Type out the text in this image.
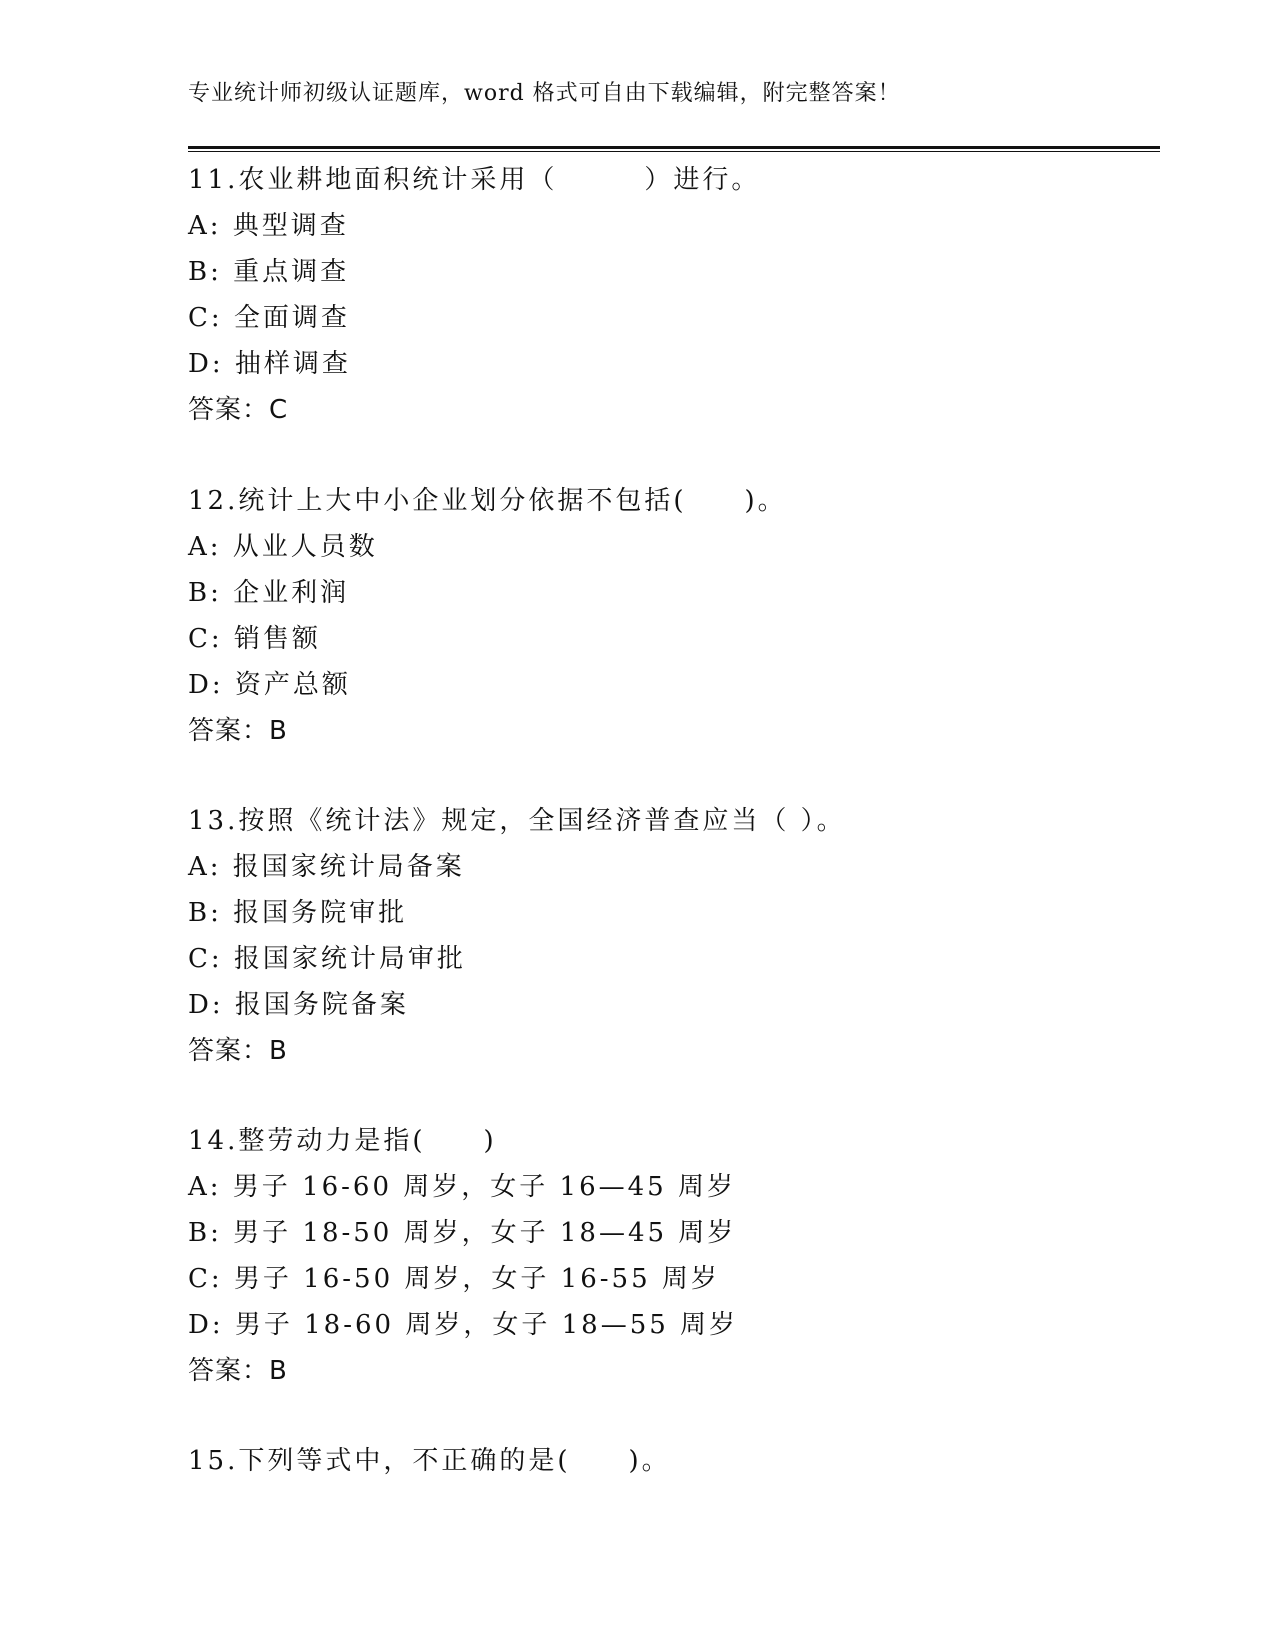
专业统计师初级认证题库，word 格式可自由下载编辑，附完整答案！
11.农业耕地面积统计采用（　　　）进行。
A: 典型调查
B: 重点调查
C: 全面调查
D: 抽样调查
答案：C
12.统计上大中小企业划分依据不包括(　　)。
A: 从业人员数
B: 企业利润
C: 销售额
D: 资产总额
答案：B
13.按照《统计法》规定，全国经济普查应当（ ）。
A: 报国家统计局备案
B: 报国务院审批
C: 报国家统计局审批
D: 报国务院备案
答案：B
14.整劳动力是指(　　)
A: 男子 16-60 周岁，女子 16—45 周岁
B: 男子 18-50 周岁，女子 18—45 周岁
C: 男子 16-50 周岁，女子 16-55 周岁
D: 男子 18-60 周岁，女子 18—55 周岁
答案：B
15.下列等式中，不正确的是(　　)。
